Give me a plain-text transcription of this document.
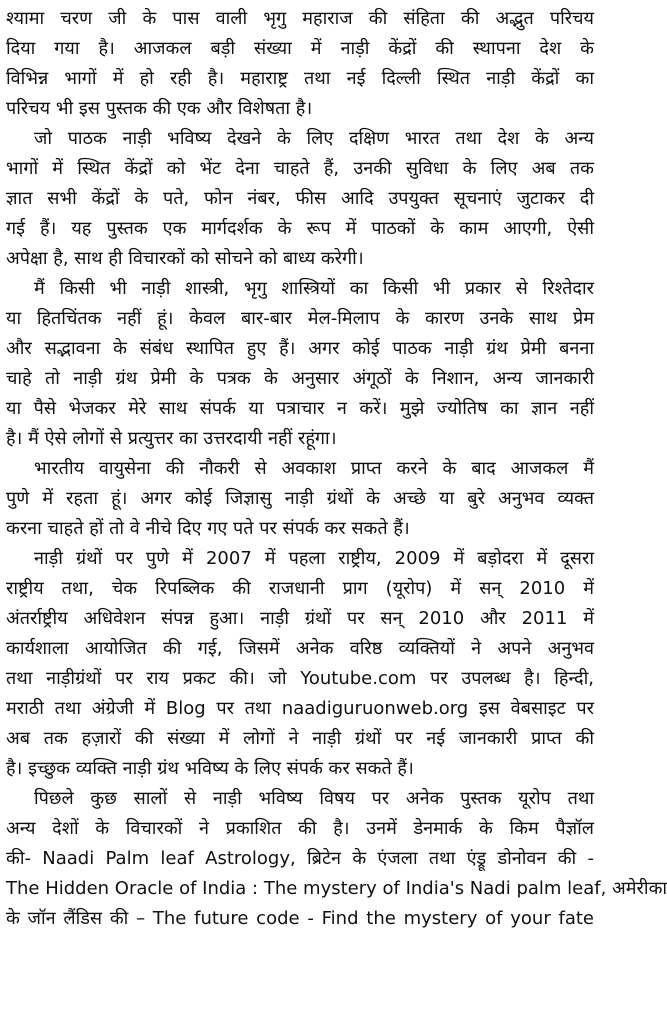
श्यामा चरण जी के पास वाली भृगु महाराज की संहिता की अद्भुत परिचय
दिया गया है। आजकल बड़ी संख्या में नाड़ी केंद्रों की स्थापना देश के
विभिन्न भागों में हो रही है। महाराष्ट्र तथा नई दिल्ली स्थित नाड़ी केंद्रों का
परिचय भी इस पुस्तक की एक और विशेषता है।
जो पाठक नाड़ी भविष्य देखने के लिए दक्षिण भारत तथा देश के अन्य
भागों में स्थित केंद्रों को भेंट देना चाहते हैं, उनकी सुविधा के लिए अब तक
ज्ञात सभी केंद्रों के पते, फोन नंबर, फीस आदि उपयुक्त सूचनाएं जुटाकर दी
गई हैं। यह पुस्तक एक मार्गदर्शक के रूप में पाठकों के काम आएगी, ऐसी
अपेक्षा है, साथ ही विचारकों को सोचने को बाध्य करेगी।
मैं किसी भी नाड़ी शास्त्री, भृगु शास्त्रियों का किसी भी प्रकार से रिश्तेदार
या हितचिंतक नहीं हूं। केवल बार-बार मेल-मिलाप के कारण उनके साथ प्रेम
और सद्भावना के संबंध स्थापित हुए हैं। अगर कोई पाठक नाड़ी ग्रंथ प्रेमी बनना
चाहे तो नाड़ी ग्रंथ प्रेमी के पत्रक के अनुसार अंगूठों के निशान, अन्य जानकारी
या पैसे भेजकर मेरे साथ संपर्क या पत्राचार न करें। मुझे ज्योतिष का ज्ञान नहीं
है। मैं ऐसे लोगों से प्रत्युत्तर का उत्तरदायी नहीं रहूंगा।
भारतीय वायुसेना की नौकरी से अवकाश प्राप्त करने के बाद आजकल मैं
पुणे में रहता हूं। अगर कोई जिज्ञासु नाड़ी ग्रंथों के अच्छे या बुरे अनुभव व्यक्त
करना चाहते हों तो वे नीचे दिए गए पते पर संपर्क कर सकते हैं।
नाड़ी ग्रंथों पर पुणे में 2007 में पहला राष्ट्रीय, 2009 में बड़ोदरा में दूसरा
राष्ट्रीय तथा, चेक रिपब्लिक की राजधानी प्राग (यूरोप) में सन् 2010 में
अंतर्राष्ट्रीय अधिवेशन संपन्न हुआ। नाड़ी ग्रंथों पर सन् 2010 और 2011 में
कार्यशाला आयोजित की गई, जिसमें अनेक वरिष्ठ व्यक्तियों ने अपने अनुभव
तथा नाड़ीग्रंथों पर राय प्रकट की। जो Youtube.com पर उपलब्ध है। हिन्दी,
मराठी तथा अंग्रेजी में Blog पर तथा naadiguruonweb.org इस वेबसाइट पर
अब तक हज़ारों की संख्या में लोगों ने नाड़ी ग्रंथों पर नई जानकारी प्राप्त की
है। इच्छुक व्यक्ति नाड़ी ग्रंथ भविष्य के लिए संपर्क कर सकते हैं।
पिछले कुछ सालों से नाड़ी भविष्य विषय पर अनेक पुस्तक यूरोप तथा
अन्य देशों के विचारकों ने प्रकाशित की है। उनमें डेनमार्क के किम पैज्ञॉल
की- Naadi Palm leaf Astrology, ब्रिटेन के एंजला तथा एंड्रू डोनोवन की -
The Hidden Oracle of India : The mystery of India's Nadi palm leaf, अमेरीका
के जॉन लैंडिस की – The future code - Find the mystery of your fate
